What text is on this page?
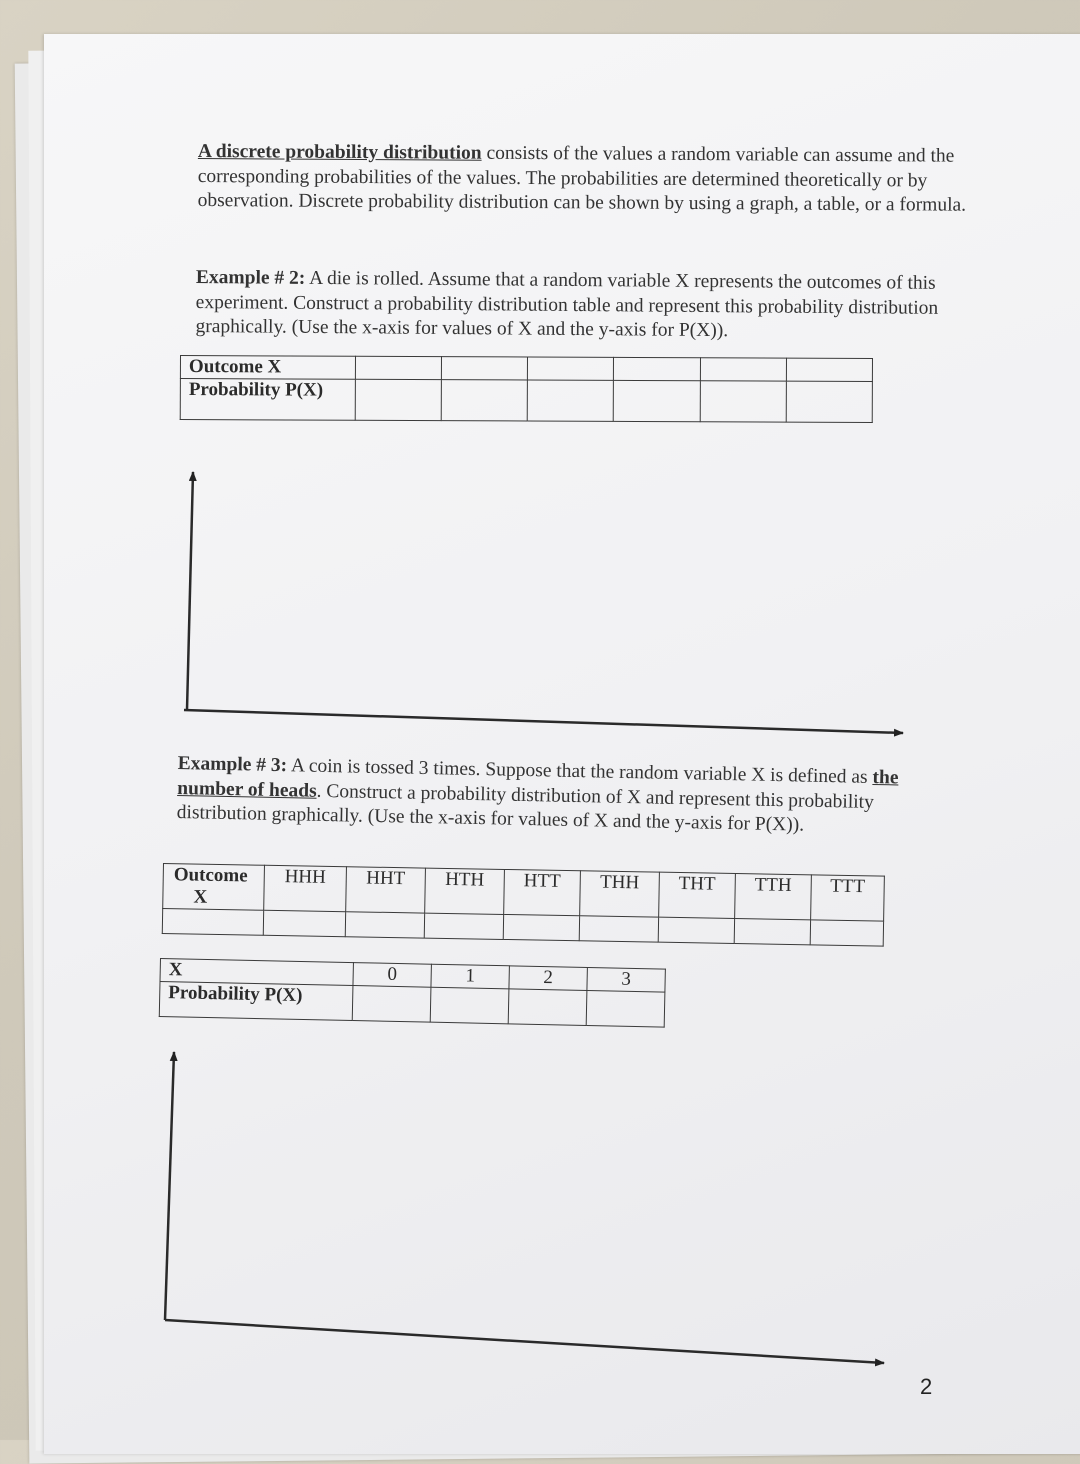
A discrete probability distribution consists of the values a random variable can assume and the corresponding probabilities of the values. The probabilities are determined theoretically or by observation. Discrete probability distribution can be shown by using a graph, a table, or a formula.
Example # 2: A die is rolled. Assume that a random variable X represents the outcomes of this experiment. Construct a probability distribution table and represent this probability distribution graphically. (Use the x-axis for values of X and the y-axis for P(X)).
Outcome X						
Probability P(X)						
Example # 3: A coin is tossed 3 times. Suppose that the random variable X is defined as the number of heads. Construct a probability distribution of X and represent this probability distribution graphically. (Use the x-axis for values of X and the y-axis for P(X)).
Outcome
X	HHH	HHT	HTH	HTT	THH	THT	TTH	TTT

X	0	1	2	3
Probability P(X)				
2
